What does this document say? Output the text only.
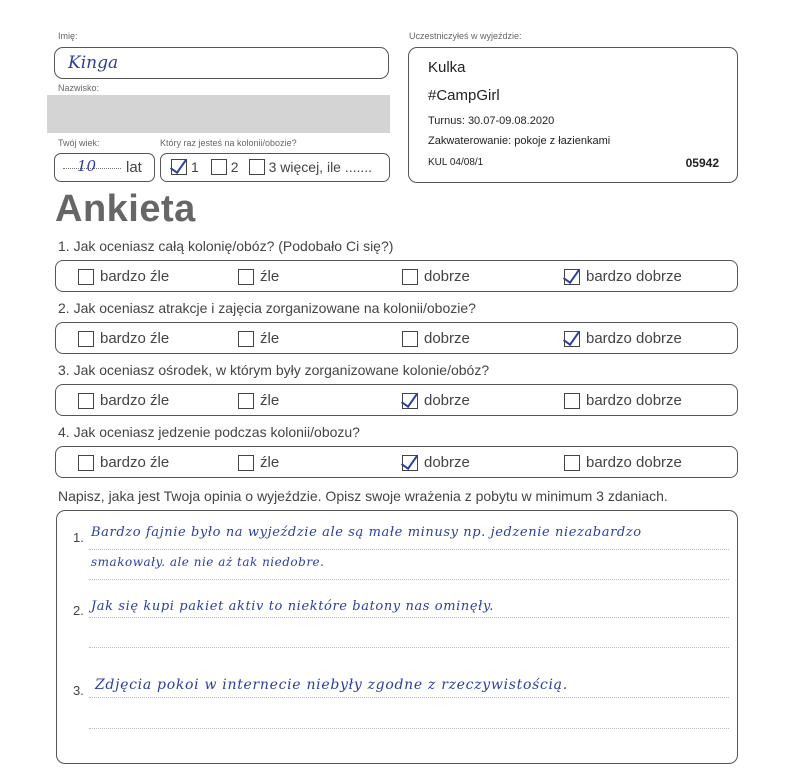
Imię:
Kinga
Nazwisko:
Twój wiek:
10 lat
Który raz jesteś na kolonii/obozie?
1 2 3 więcej, ile .......
Uczestniczyłeś w wyjeździe:
Kulka
#CampGirl
Turnus: 30.07-09.08.2020
Zakwaterowanie: pokoje z łazienkami
KUL 04/08/1	05942
Ankieta
1. Jak oceniasz całą kolonię/obóz? (Podobało Ci się?)
bardzo źle	źle	dobrze	bardzo dobrze
2. Jak oceniasz atrakcje i zajęcia zorganizowane na kolonii/obozie?
bardzo źle	źle	dobrze	bardzo dobrze
3. Jak oceniasz ośrodek, w którym były zorganizowane kolonie/obóz?
bardzo źle	źle	dobrze	bardzo dobrze
4. Jak oceniasz jedzenie podczas kolonii/obozu?
bardzo źle	źle	dobrze	bardzo dobrze
Napisz, jaka jest Twoja opinia o wyjeździe. Opisz swoje wrażenia z pobytu w minimum 3 zdaniach.
1. Bardzo fajnie było na wyjeździe ale są małe minusy np. jedzenie niezabardzo
smakowały. ale nie aż tak niedobre.
2. Jak się kupi pakiet aktiv to niektóre batony nas ominęły.
3. Zdjęcia pokoi w internecie niebyły zgodne z rzeczywistością.
